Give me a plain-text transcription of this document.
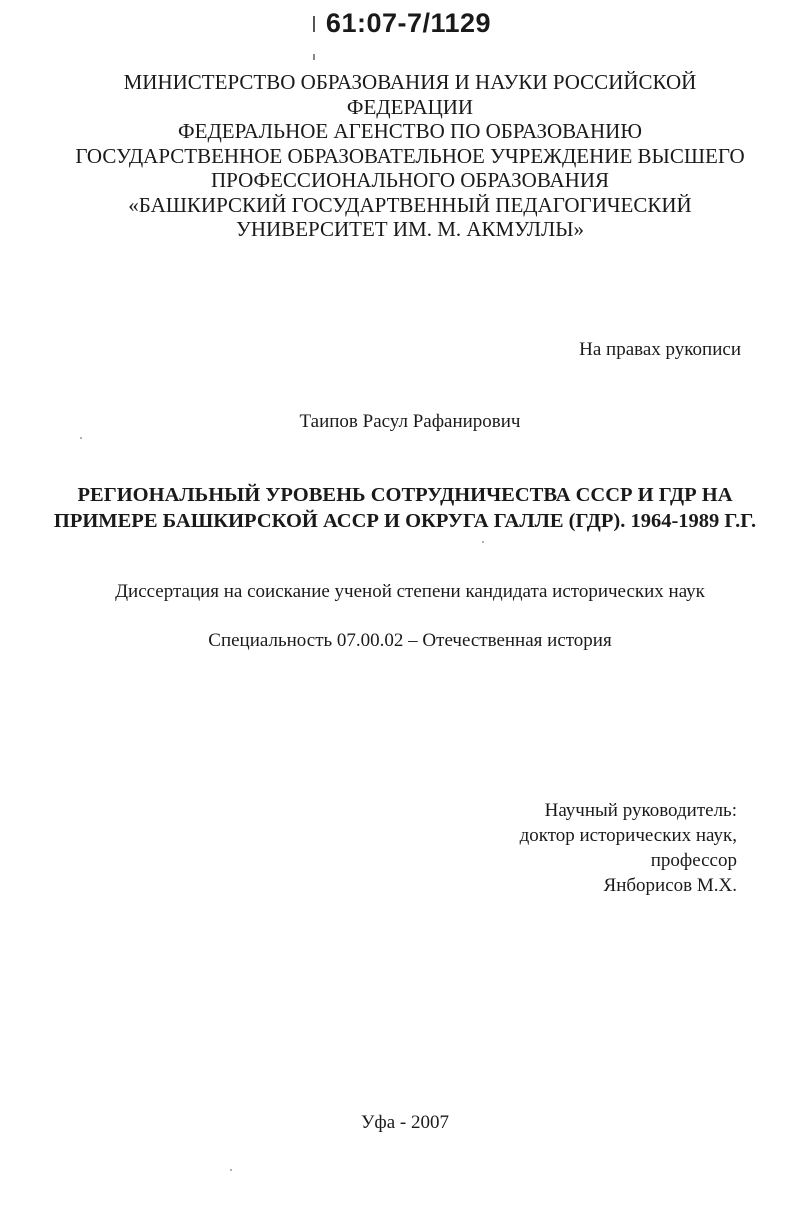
61:07-7/1129
МИНИСТЕРСТВО ОБРАЗОВАНИЯ И НАУКИ РОССИЙСКОЙ
ФЕДЕРАЦИИ
ФЕДЕРАЛЬНОЕ АГЕНСТВО ПО ОБРАЗОВАНИЮ
ГОСУДАРСТВЕННОЕ ОБРАЗОВАТЕЛЬНОЕ УЧРЕЖДЕНИЕ ВЫСШЕГО
ПРОФЕССИОНАЛЬНОГО ОБРАЗОВАНИЯ
«БАШКИРСКИЙ ГОСУДАРТВЕННЫЙ ПЕДАГОГИЧЕСКИЙ
УНИВЕРСИТЕТ ИМ. М. АКМУЛЛЫ»
На правах рукописи
Таипов Расул Рафанирович
РЕГИОНАЛЬНЫЙ УРОВЕНЬ СОТРУДНИЧЕСТВА СССР И ГДР НА
ПРИМЕРЕ БАШКИРСКОЙ АССР И ОКРУГА ГАЛЛЕ (ГДР). 1964-1989 Г.Г.
Диссертация на соискание ученой степени кандидата исторических наук
Специальность 07.00.02 – Отечественная история
Научный руководитель:
доктор исторических наук,
профессор
Янборисов М.Х.
Уфа - 2007
